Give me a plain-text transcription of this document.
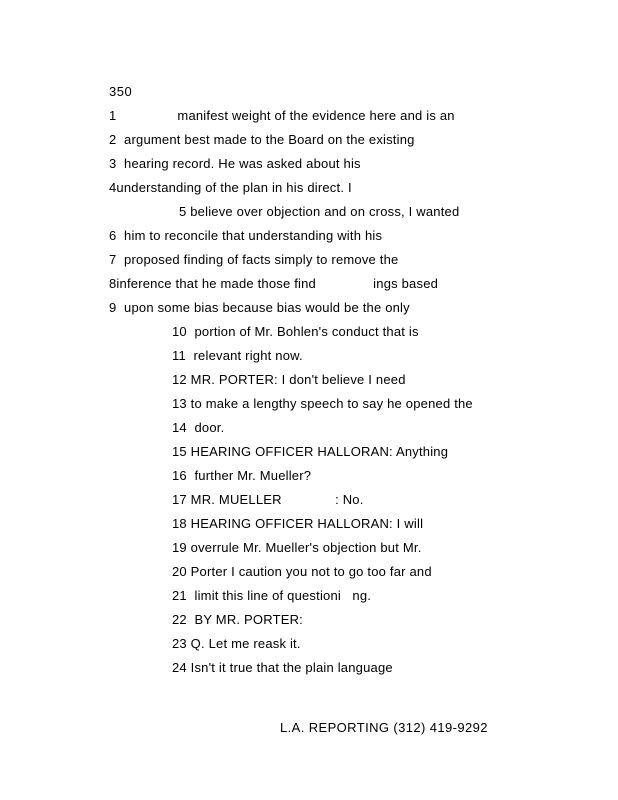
350
1                manifest weight of the evidence here and is an
2  argument best made to the Board on the existing
3  hearing record. He was asked about his
4understanding of the plan in his direct. I
5 believe over objection and on cross, I wanted
6  him to reconcile that understanding with his
7  proposed finding of facts simply to remove the
8inference that he made those find               ings based
9  upon some bias because bias would be the only
10  portion of Mr. Bohlen's conduct that is
11  relevant right now.
12 MR. PORTER: I don't believe I need
13 to make a lengthy speech to say he opened the
14  door.
15 HEARING OFFICER HALLORAN: Anything
16  further Mr. Mueller?
17 MR. MUELLER              : No.
18 HEARING OFFICER HALLORAN: I will
19 overrule Mr. Mueller's objection but Mr.
20 Porter I caution you not to go too far and
21  limit this line of questioni   ng.
22  BY MR. PORTER:
23 Q. Let me reask it.
24 Isn't it true that the plain language
L.A. REPORTING (312) 419-9292
